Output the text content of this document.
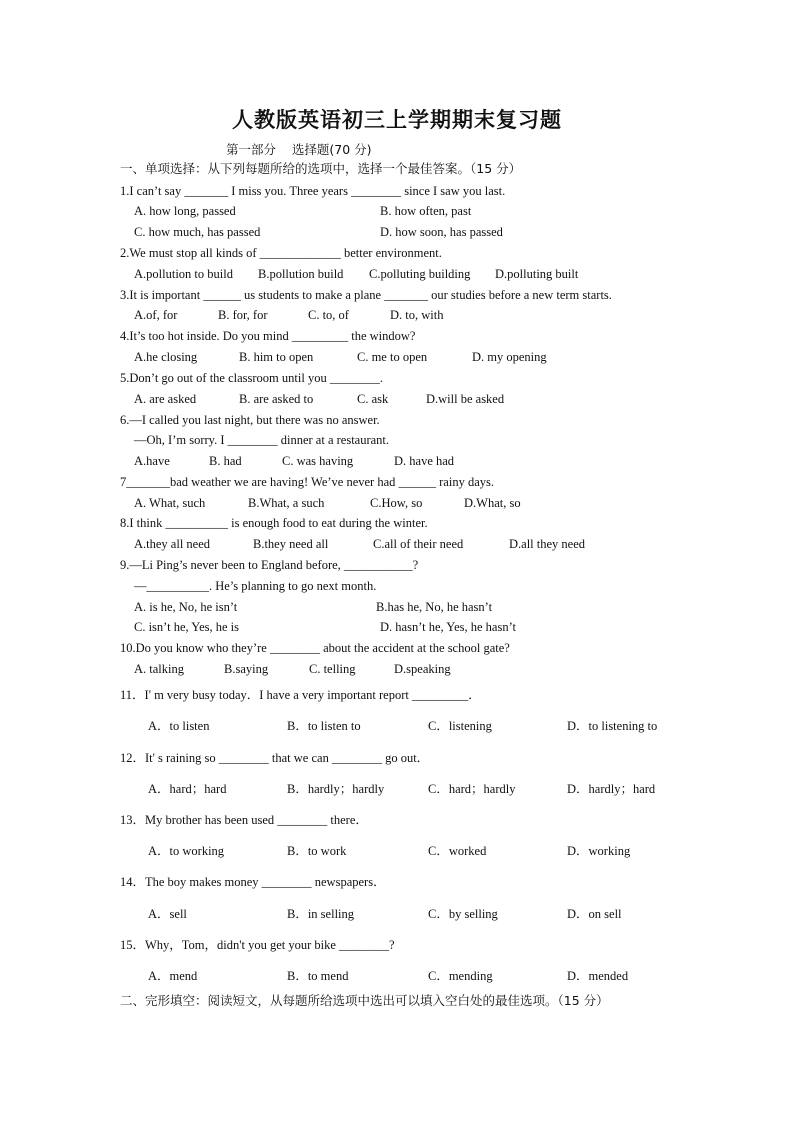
人教版英语初三上学期期末复习题
第一部分    选择题(70 分)
一、单项选择：从下列每题所给的选项中，选择一个最佳答案。（15 分）
1.I can’t say _______ I miss you. Three years ________ since I saw you last.
A. how long, passed	B. how often, past
C. how much, has passed	D. how soon, has passed
2.We must stop all kinds of _____________ better environment.
A.pollution to build B.pollution build C.polluting building D.polluting built
3.It is important ______ us students to make a plane _______ our studies before a new term starts.
A.of, for	B. for, for	C. to, of	D. to, with
4.It’s too hot inside. Do you mind _________ the window?
A.he closing	B. him to open	C. me to open	D. my opening
5.Don’t go out of the classroom until you ________.
A. are asked	B. are asked to	C. ask	D.will be asked
6.—I called you last night, but there was no answer.
—Oh, I’m sorry. I ________ dinner at a restaurant.
A.have	B. had	C. was having	D. have had
7_______bad weather we are having! We’ve never had ______ rainy days.
A. What, such	B.What, a such	C.How, so	D.What, so
8.I think __________ is enough food to eat during the winter.
A.they all need	B.they need all	C.all of their need	D.all they need
9.—Li Ping’s never been to England before, ___________?
—__________. He’s planning to go next month.
A. is he, No, he isn’t	B.has he, No, he hasn’t
C. isn’t he, Yes, he is	D. hasn’t he, Yes, he hasn’t
10.Do you know who they’re ________ about the accident at the school gate?
A. talking	B.saying	C. telling	D.speaking
11．I' m very busy today．I have a very important report _________．
A．to listen	B．to listen to	C．listening	D．to listening to
12．It' s raining so ________ that we can ________ go out．
A．hard；hard	B．hardly；hardly	C．hard；hardly	D．hardly；hard
13．My brother has been used ________ there．
A．to working	B．to work	C．worked	D．working
14．The boy makes money ________ newspapers．
A．sell	B．in selling	C．by selling	D．on sell
15．Why，Tom，didn't you get your bike ________?
A．mend	B．to mend	C．mending	D．mended
二、完形填空：阅读短文，从每题所给选项中选出可以填入空白处的最佳选项。（15 分）
